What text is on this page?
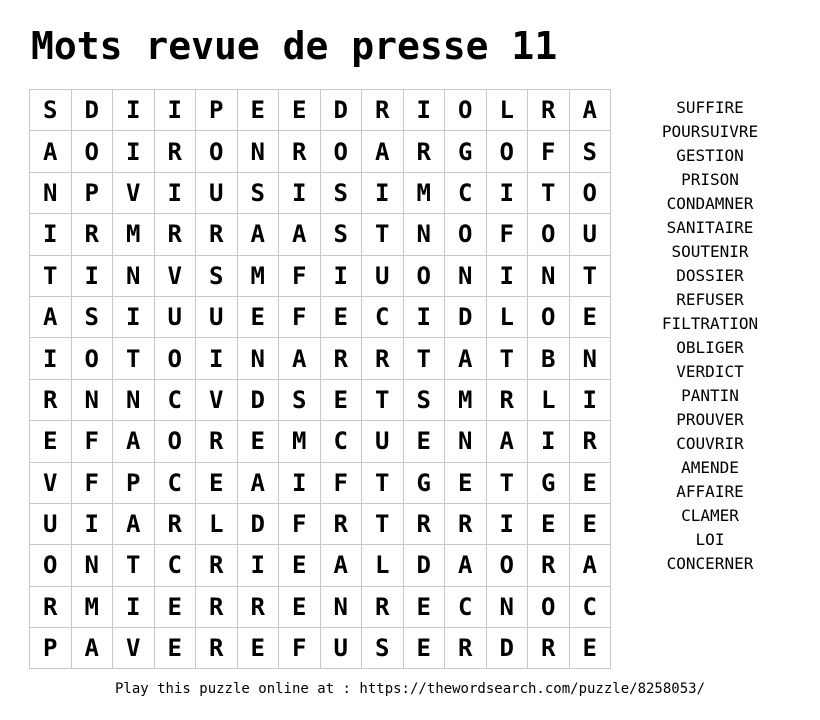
Mots revue de presse 11
S	D	I	I	P	E	E	D	R	I	O	L	R	A
A	O	I	R	O	N	R	O	A	R	G	O	F	S
N	P	V	I	U	S	I	S	I	M	C	I	T	O
I	R	M	R	R	A	A	S	T	N	O	F	O	U
T	I	N	V	S	M	F	I	U	O	N	I	N	T
A	S	I	U	U	E	F	E	C	I	D	L	O	E
I	O	T	O	I	N	A	R	R	T	A	T	B	N
R	N	N	C	V	D	S	E	T	S	M	R	L	I
E	F	A	O	R	E	M	C	U	E	N	A	I	R
V	F	P	C	E	A	I	F	T	G	E	T	G	E
U	I	A	R	L	D	F	R	T	R	R	I	E	E
O	N	T	C	R	I	E	A	L	D	A	O	R	A
R	M	I	E	R	R	E	N	R	E	C	N	O	C
P	A	V	E	R	E	F	U	S	E	R	D	R	E
SUFFIRE
POURSUIVRE
GESTION
PRISON
CONDAMNER
SANITAIRE
SOUTENIR
DOSSIER
REFUSER
FILTRATION
OBLIGER
VERDICT
PANTIN
PROUVER
COUVRIR
AMENDE
AFFAIRE
CLAMER
LOI
CONCERNER
Play this puzzle online at : https://thewordsearch.com/puzzle/8258053/
